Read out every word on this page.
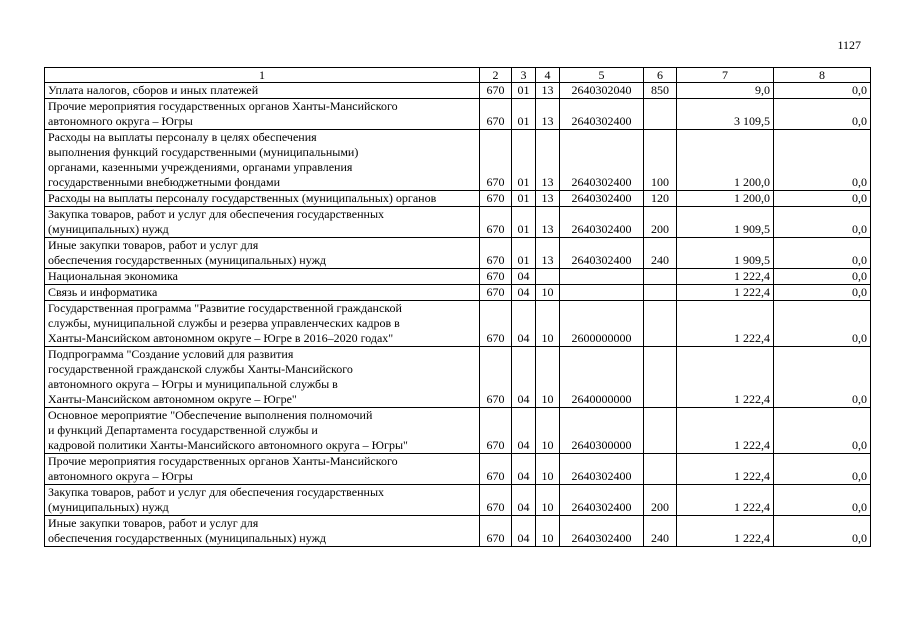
1127
1	2	3	4	5	6	7	8

Уплата налогов, сборов и иных платежей	670	01	13	2640302040	850	9,0	0,0

Прочие мероприятия государственных органов Ханты-Мансийского
автономного округа – Югры	670	01	13	2640302400		3 109,5	0,0

Расходы на выплаты персоналу в целях обеспечения
выполнения функций государственными (муниципальными)
органами, казенными учреждениями, органами управления
государственными внебюджетными фондами	670	01	13	2640302400	100	1 200,0	0,0

Расходы на выплаты персоналу государственных (муниципальных) органов	670	01	13	2640302400	120	1 200,0	0,0

Закупка товаров, работ и услуг для обеспечения государственных
(муниципальных) нужд	670	01	13	2640302400	200	1 909,5	0,0

Иные закупки товаров, работ и услуг для
обеспечения государственных (муниципальных) нужд	670	01	13	2640302400	240	1 909,5	0,0

Национальная экономика	670	04				1 222,4	0,0

Связь и информатика	670	04	10			1 222,4	0,0

Государственная программа "Развитие государственной гражданской
службы, муниципальной службы и резерва управленческих кадров в
Ханты-Мансийском автономном округе – Югре в 2016–2020 годах"	670	04	10	2600000000		1 222,4	0,0

Подпрограмма "Создание условий для развития
государственной гражданской службы Ханты-Мансийского
автономного округа – Югры и муниципальной службы в
Ханты-Мансийском автономном округе – Югре"	670	04	10	2640000000		1 222,4	0,0

Основное мероприятие "Обеспечение выполнения полномочий
и функций Департамента государственной службы и
кадровой политики Ханты-Мансийского автономного округа – Югры"	670	04	10	2640300000		1 222,4	0,0

Прочие мероприятия государственных органов Ханты-Мансийского
автономного округа – Югры	670	04	10	2640302400		1 222,4	0,0

Закупка товаров, работ и услуг для обеспечения государственных
(муниципальных) нужд	670	04	10	2640302400	200	1 222,4	0,0

Иные закупки товаров, работ и услуг для
обеспечения государственных (муниципальных) нужд	670	04	10	2640302400	240	1 222,4	0,0
